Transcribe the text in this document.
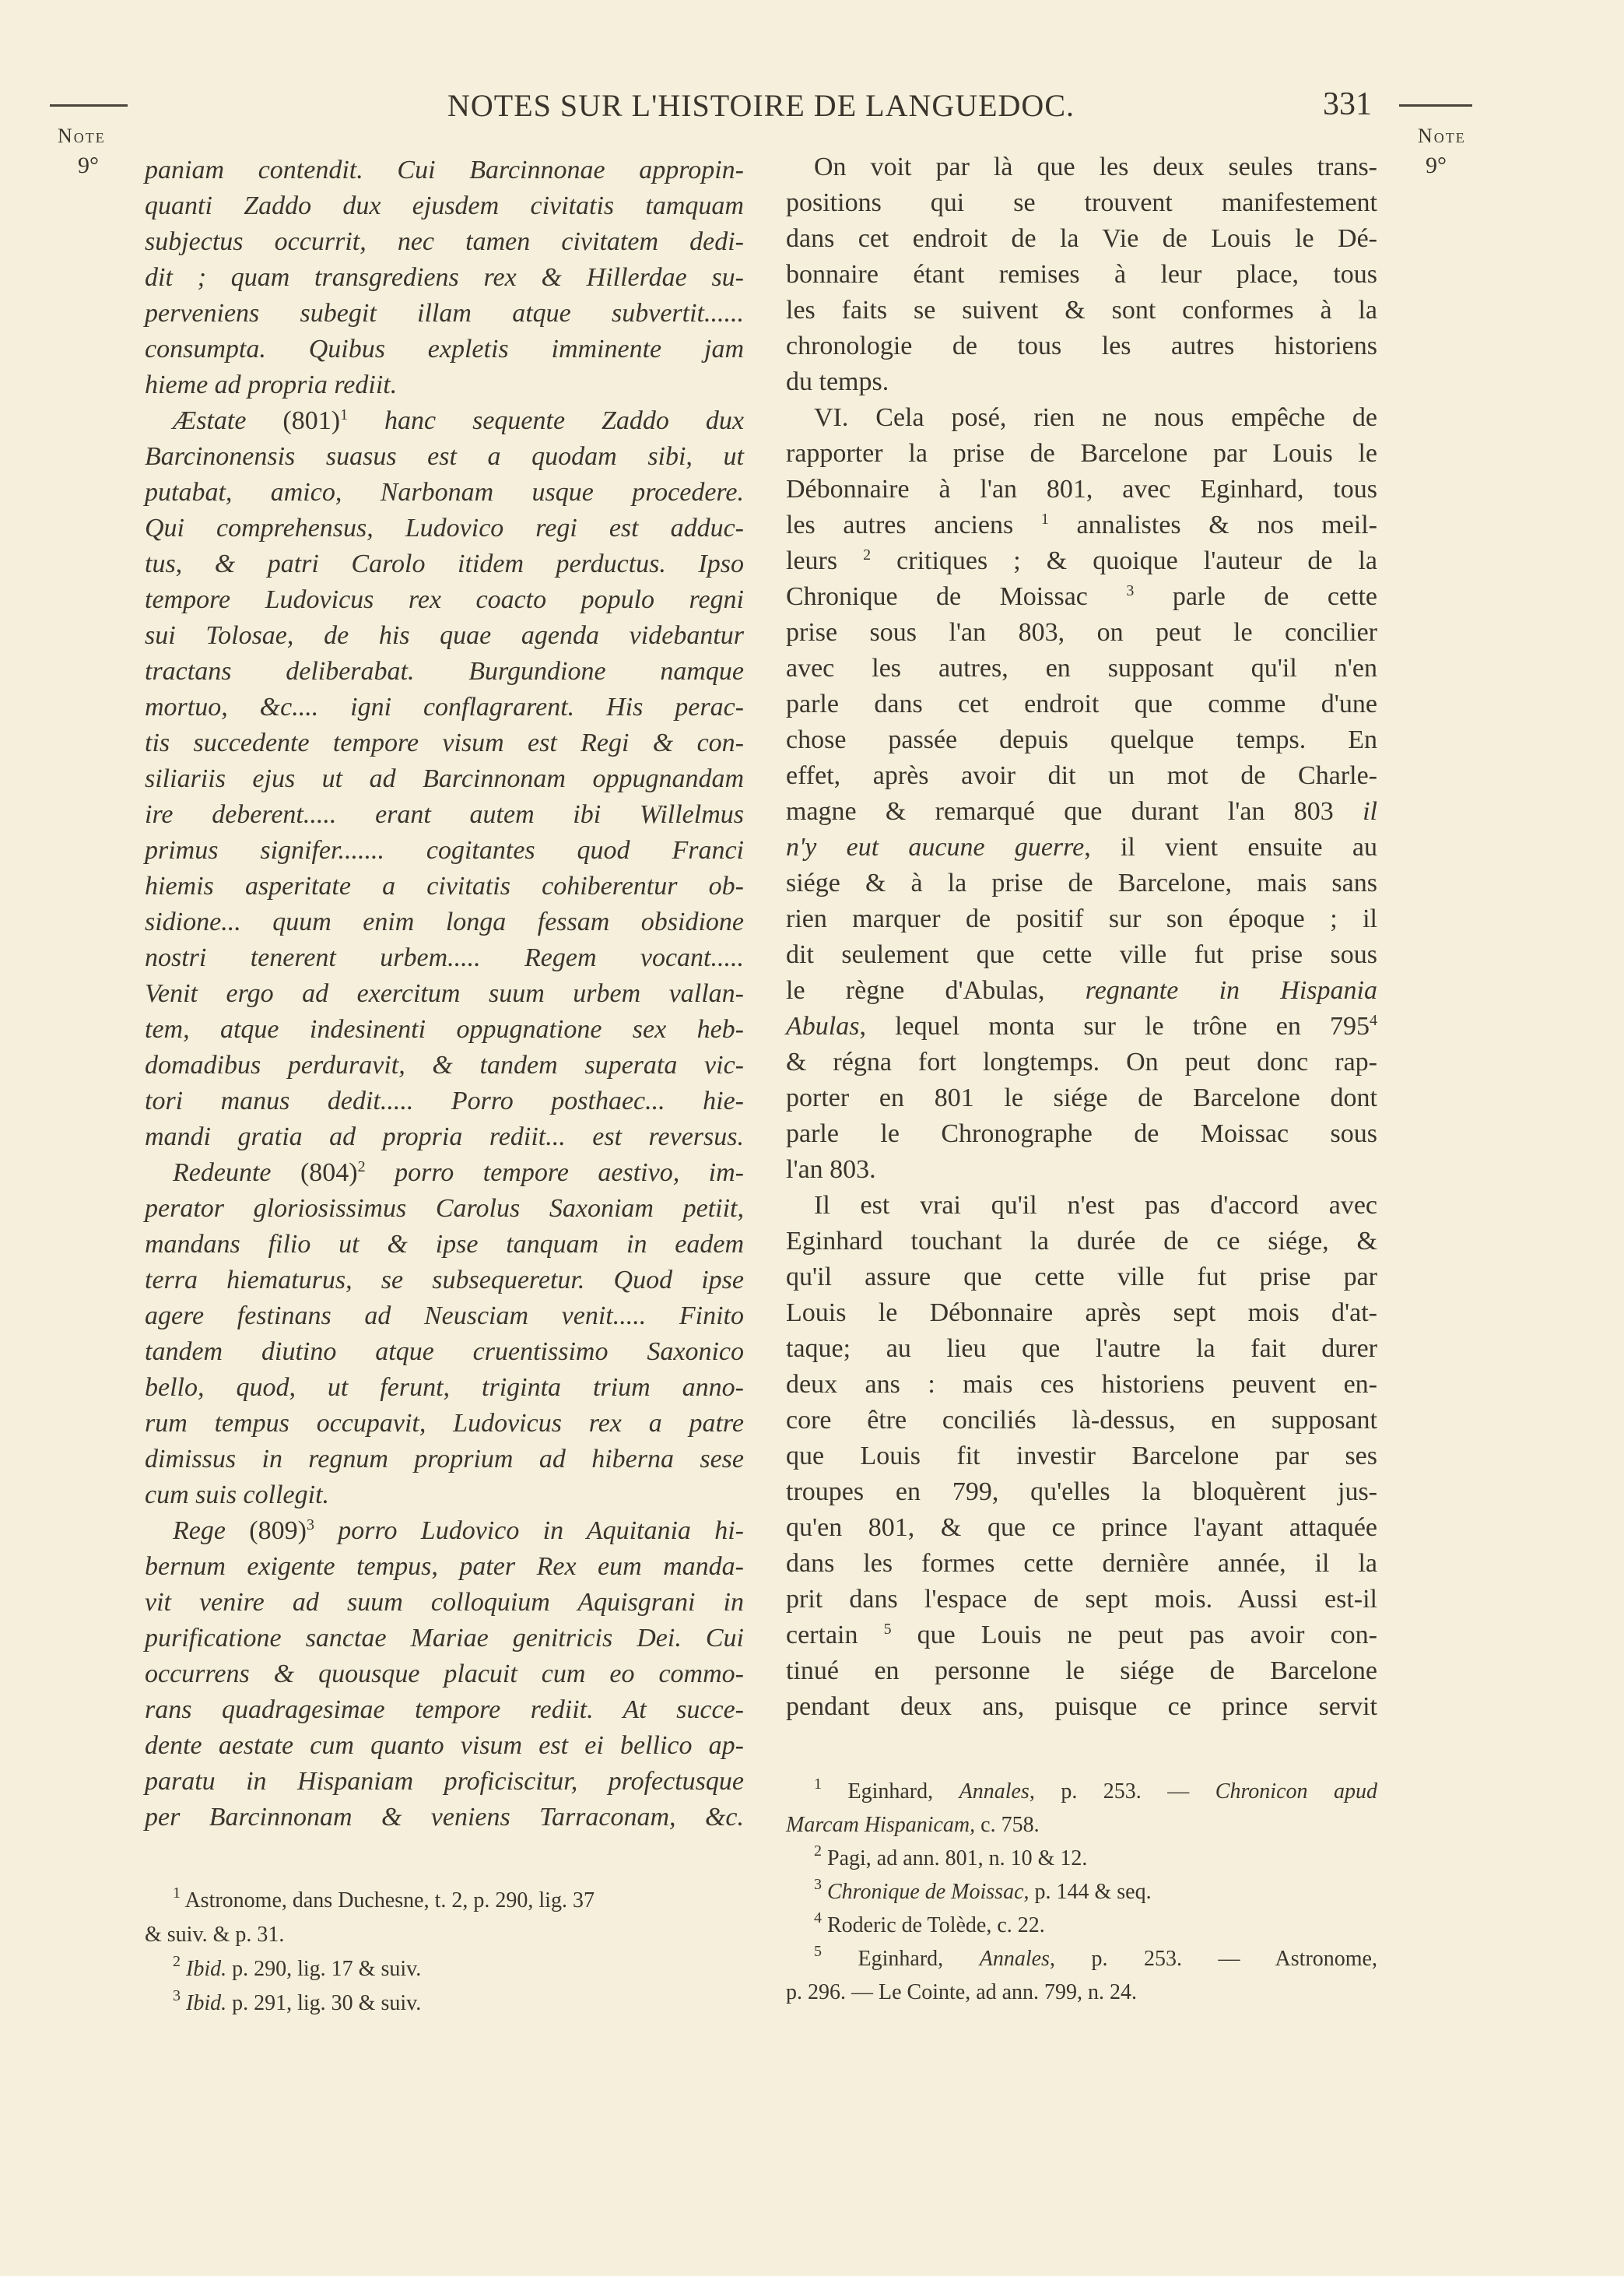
NOTES SUR L'HISTOIRE DE LANGUEDOC.	331
Note
9°
Note
9°
paniam contendit. Cui Barcinnonae appropin-
quanti Zaddo dux ejusdem civitatis tamquam
subjectus occurrit, nec tamen civitatem dedi-
dit ; quam transgrediens rex & Hillerdae su-
perveniens subegit illam atque subvertit......
consumpta. Quibus expletis imminente jam
hieme ad propria rediit.
Æstate $(801)^1$ hanc sequente Zaddo dux
Barcinonensis suasus est a quodam sibi, ut
putabat, amico, Narbonam usque procedere.
Qui comprehensus, Ludovico regi est adduc-
tus, & patri Carolo itidem perductus. Ipso
tempore Ludovicus rex coacto populo regni
sui Tolosae, de his quae agenda videbantur
tractans deliberabat. Burgundione namque
mortuo, &c.... igni conflagrarent. His perac-
tis succedente tempore visum est Regi & con-
siliariis ejus ut ad Barcinnonam oppugnandam
ire deberent..... erant autem ibi Willelmus
primus signifer....... cogitantes quod Franci
hiemis asperitate a civitatis cohiberentur ob-
sidione... quum enim longa fessam obsidione
nostri tenerent urbem..... Regem vocant.....
Venit ergo ad exercitum suum urbem vallan-
tem, atque indesinenti oppugnatione sex heb-
domadibus perduravit, & tandem superata vic-
tori manus dedit..... Porro posthaec... hie-
mandi gratia ad propria rediit... est reversus.
Redeunte $(804)^2$ porro tempore aestivo, im-
perator gloriosissimus Carolus Saxoniam petiit,
mandans filio ut & ipse tanquam in eadem
terra hiematurus, se subsequeretur. Quod ipse
agere festinans ad Neusciam venit..... Finito
tandem diutino atque cruentissimo Saxonico
bello, quod, ut ferunt, triginta trium anno-
rum tempus occupavit, Ludovicus rex a patre
dimissus in regnum proprium ad hiberna sese
cum suis collegit.
Rege $(809)^3$ porro Ludovico in Aquitania hi-
bernum exigente tempus, pater Rex eum manda-
vit venire ad suum colloquium Aquisgrani in
purificatione sanctae Mariae genitricis Dei. Cui
occurrens & quousque placuit cum eo commo-
rans quadragesimae tempore rediit. At succe-
dente aestate cum quanto visum est ei bellico ap-
paratu in Hispaniam proficiscitur, profectusque
per Barcinnonam & veniens Tarraconam, &c.
On voit par là que les deux seules trans-
positions qui se trouvent manifestement
dans cet endroit de la Vie de Louis le Dé-
bonnaire étant remises à leur place, tous
les faits se suivent & sont conformes à la
chronologie de tous les autres historiens
du temps.
VI. Cela posé, rien ne nous empêche de
rapporter la prise de Barcelone par Louis le
Débonnaire à l'an 801, avec Eginhard, tous
les autres anciens $^1$ annalistes & nos meil-
leurs $^2$ critiques ; & quoique l'auteur de la
Chronique de Moissac $^3$ parle de cette
prise sous l'an 803, on peut le concilier
avec les autres, en supposant qu'il n'en
parle dans cet endroit que comme d'une
chose passée depuis quelque temps. En
effet, après avoir dit un mot de Charle-
magne & remarqué que durant l'an 803 il
n'y eut aucune guerre, il vient ensuite au
siége & à la prise de Barcelone, mais sans
rien marquer de positif sur son époque ; il
dit seulement que cette ville fut prise sous
le règne d'Abulas, regnante in Hispania
Abulas, lequel monta sur le trône en $795^4$
& régna fort longtemps. On peut donc rap-
porter en 801 le siége de Barcelone dont
parle le Chronographe de Moissac sous
l'an 803.
Il est vrai qu'il n'est pas d'accord avec
Eginhard touchant la durée de ce siége, &
qu'il assure que cette ville fut prise par
Louis le Débonnaire après sept mois d'at-
taque; au lieu que l'autre la fait durer
deux ans : mais ces historiens peuvent en-
core être conciliés là-dessus, en supposant
que Louis fit investir Barcelone par ses
troupes en 799, qu'elles la bloquèrent jus-
qu'en 801, & que ce prince l'ayant attaquée
dans les formes cette dernière année, il la
prit dans l'espace de sept mois. Aussi est-il
certain $^5$ que Louis ne peut pas avoir con-
tinué en personne le siége de Barcelone
pendant deux ans, puisque ce prince servit
$^1$ Astronome, dans Duchesne, t. 2, p. 290, lig. 37
& suiv. & p. 31.
$^2$ Ibid. p. 290, lig. 17 & suiv.
$^3$ Ibid. p. 291, lig. 30 & suiv.
$^1$ Eginhard, Annales, p. 253. — Chronicon apud
Marcam Hispanicam, c. 758.
$^2$ Pagi, ad ann. 801, n. 10 & 12.
$^3$ Chronique de Moissac, p. 144 & seq.
$^4$ Roderic de Tolède, c. 22.
$^5$ Eginhard, Annales, p. 253. — Astronome,
p. 296. — Le Cointe, ad ann. 799, n. 24.
